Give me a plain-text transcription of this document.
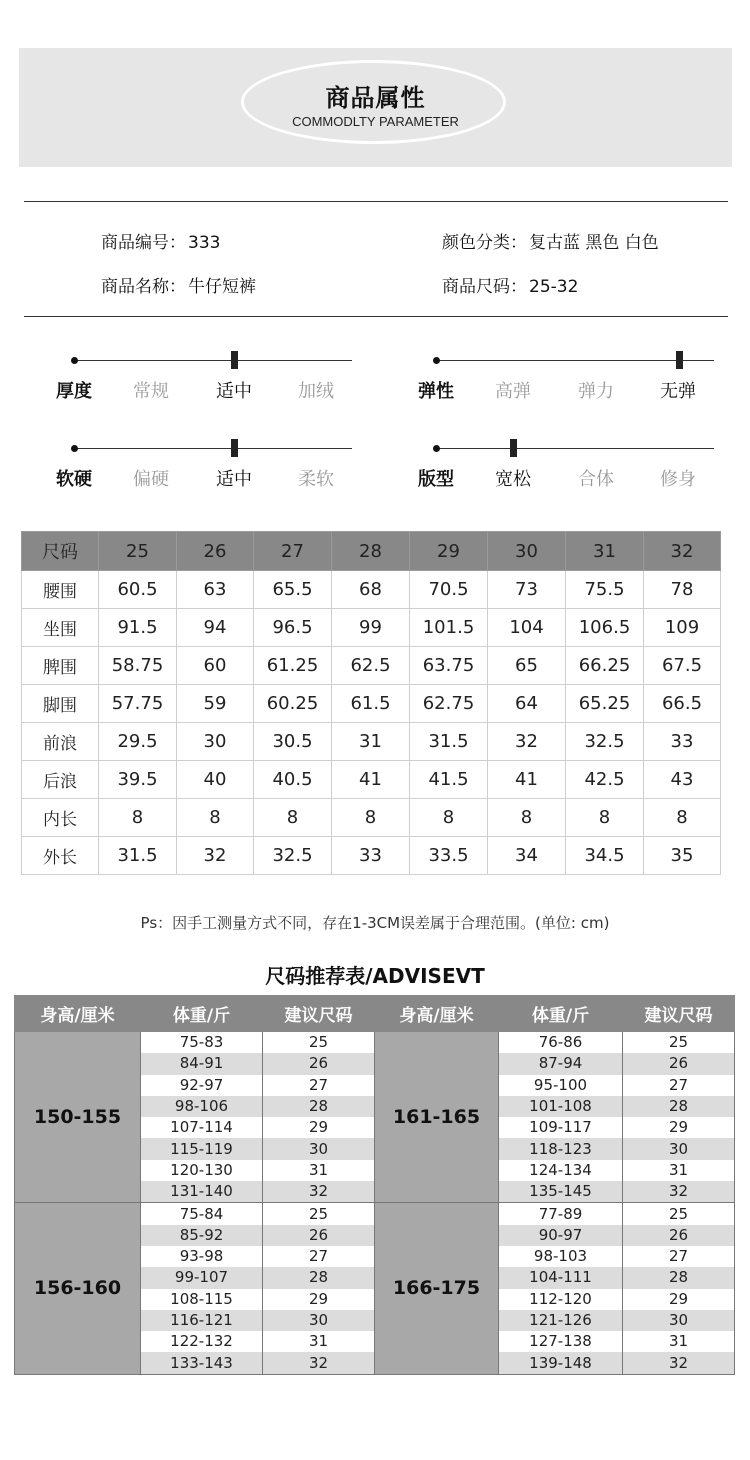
商品属性
COMMODLTY PARAMETER
商品编号： 333	颜色分类： 复古蓝 黑色 白色
商品名称： 牛仔短裤	商品尺码： 25-32
厚度	常规	适中	加绒	弹性	高弹	弹力	无弹
软硬	偏硬	适中	柔软	版型	宽松	合体	修身
尺码	25	26	27	28	29	30	31	32
腰围	60.5	63	65.5	68	70.5	73	75.5	78
坐围	91.5	94	96.5	99	101.5	104	106.5	109
脾围	58.75	60	61.25	62.5	63.75	65	66.25	67.5
脚围	57.75	59	60.25	61.5	62.75	64	65.25	66.5
前浪	29.5	30	30.5	31	31.5	32	32.5	33
后浪	39.5	40	40.5	41	41.5	41	42.5	43
内长	8	8	8	8	8	8	8	8
外长	31.5	32	32.5	33	33.5	34	34.5	35
Ps：因手工测量方式不同，存在1-3CM误差属于合理范围。(单位: cm)
尺码推荐表/ADVISEVT
身高/厘米	体重/斤	建议尺码	身高/厘米	体重/斤	建议尺码
150-155	75-83	25	161-165	76-86	25
	84-91	26		87-94	26
	92-97	27		95-100	27
	98-106	28		101-108	28
	107-114	29		109-117	29
	115-119	30		118-123	30
	120-130	31		124-134	31
	131-140	32		135-145	32
156-160	75-84	25	166-175	77-89	25
	85-92	26		90-97	26
	93-98	27		98-103	27
	99-107	28		104-111	28
	108-115	29		112-120	29
	116-121	30		121-126	30
	122-132	31		127-138	31
	133-143	32		139-148	32
